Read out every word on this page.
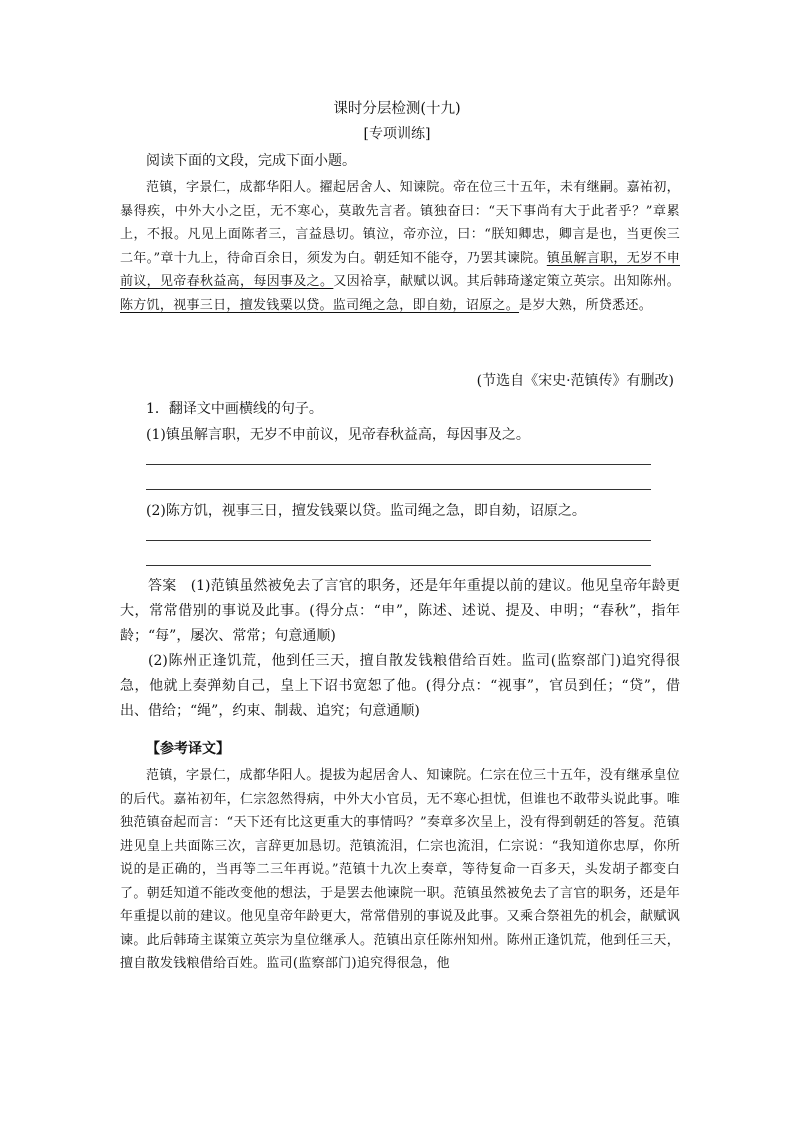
课时分层检测(十九)
[专项训练]
阅读下面的文段，完成下面小题。

范镇，字景仁，成都华阳人。擢起居舍人、知谏院。帝在位三十五年，未有继嗣。嘉祐初，暴得疾，中外大小之臣，无不寒心，莫敢先言者。镇独奋曰：“天下事尚有大于此者乎？”章累上，不报。凡见上面陈者三，言益恳切。镇泣，帝亦泣，曰：“朕知卿忠，卿言是也，当更俟三二年。”章十九上，待命百余日，须发为白。朝廷知不能夺，乃罢其谏院。镇虽解言职，无岁不申前议，见帝春秋益高，每因事及之。又因祫享，献赋以讽。其后韩琦遂定策立英宗。出知陈州。陈方饥，视事三日，擅发钱粟以贷。监司绳之急，即自劾，诏原之。是岁大熟，所贷悉还。

(节选自《宋史·范镇传》有删改)
1．翻译文中画横线的句子。
(1)镇虽解言职，无岁不申前议，见帝春秋益高，每因事及之。
(2)陈方饥，视事三日，擅发钱粟以贷。监司绳之急，即自劾，诏原之。

答案　 (1)范镇虽然被免去了言官的职务，还是年年重提以前的建议。他见皇帝年龄更大，常常借别的事说及此事。(得分点：“申”，陈述、述说、提及、申明；“春秋”，指年龄；“每”，屡次、常常；句意通顺)

(2)陈州正逢饥荒，他到任三天，擅自散发钱粮借给百姓。监司(监察部门)追究得很急，他就上奏弹劾自己，皇上下诏书宽恕了他。(得分点：“视事”，官员到任；“贷”，借出、借给；“绳”，约束、制裁、追究；句意通顺)

【参考译文】

范镇，字景仁，成都华阳人。提拔为起居舍人、知谏院。仁宗在位三十五年，没有继承皇位的后代。嘉祐初年，仁宗忽然得病，中外大小官员，无不寒心担忧，但谁也不敢带头说此事。唯独范镇奋起而言：“天下还有比这更重大的事情吗？”奏章多次呈上，没有得到朝廷的答复。范镇进见皇上共面陈三次，言辞更加恳切。范镇流泪，仁宗也流泪，仁宗说：“我知道你忠厚，你所说的是正确的，当再等二三年再说。”范镇十九次上奏章，等待复命一百多天，头发胡子都变白了。朝廷知道不能改变他的想法，于是罢去他谏院一职。范镇虽然被免去了言官的职务，还是年年重提以前的建议。他见皇帝年龄更大，常常借别的事说及此事。又乘合祭祖先的机会，献赋讽谏。此后韩琦主谋策立英宗为皇位继承人。范镇出京任陈州知州。陈州正逢饥荒，他到任三天，擅自散发钱粮借给百姓。监司(监察部门)追究得很急，他
